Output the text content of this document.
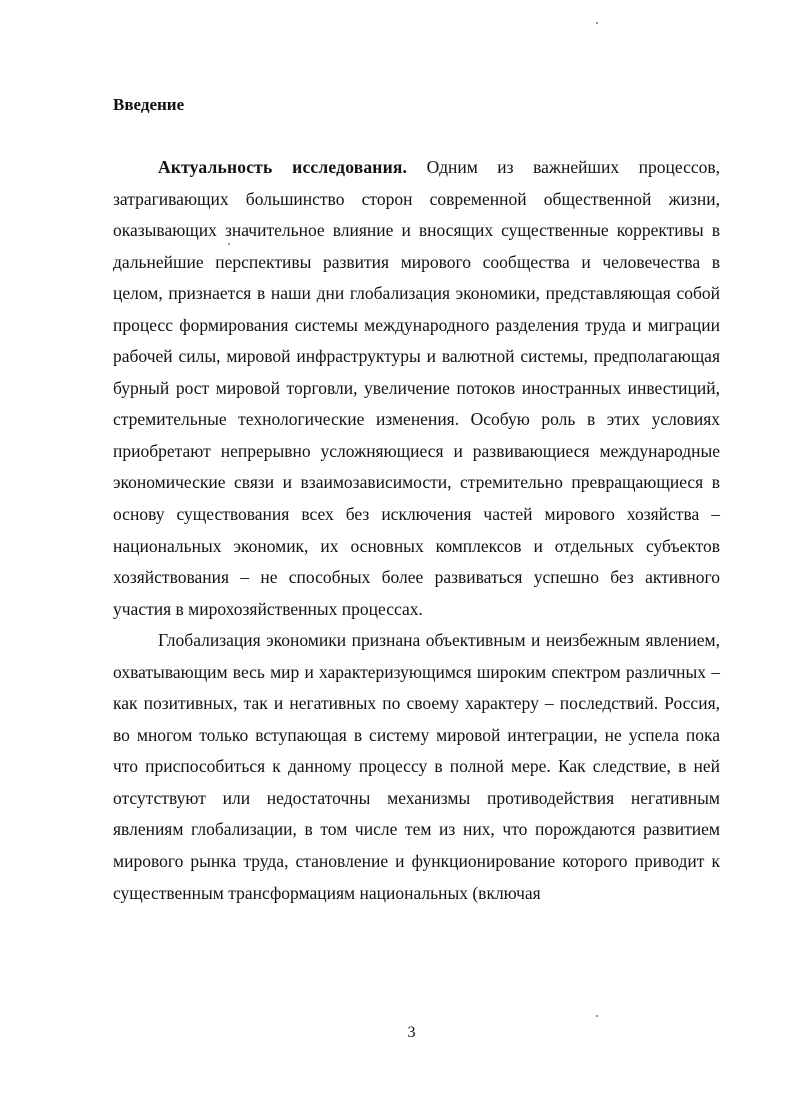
Введение

Актуальность исследования. Одним из важнейших процессов, затрагивающих большинство сторон современной общественной жизни, оказывающих значительное влияние и вносящих существенные коррективы в дальнейшие перспективы развития мирового сообщества и человечества в целом, признается в наши дни глобализация экономики, представляющая собой процесс формирования системы международного разделения труда и миграции рабочей силы, мировой инфраструктуры и валютной системы, предполагающая бурный рост мировой торговли, увеличение потоков иностранных инвестиций, стремительные технологические изменения. Особую роль в этих условиях приобретают непрерывно усложняющиеся и развивающиеся международные экономические связи и взаимозависимости, стремительно превращающиеся в основу существования всех без исключения частей мирового хозяйства – национальных экономик, их основных комплексов и отдельных субъектов хозяйствования – не способных более развиваться успешно без активного участия в мирохозяйственных процессах.

Глобализация экономики признана объективным и неизбежным явлением, охватывающим весь мир и характеризующимся широким спектром различных – как позитивных, так и негативных по своему характеру – последствий. Россия, во многом только вступающая в систему мировой интеграции, не успела пока что приспособиться к данному процессу в полной мере. Как следствие, в ней отсутствуют или недостаточны механизмы противодействия негативным явлениям глобализации, в том числе тем из них, что порождаются развитием мирового рынка труда, становление и функционирование которого приводит к существенным трансформациям национальных (включая

3
